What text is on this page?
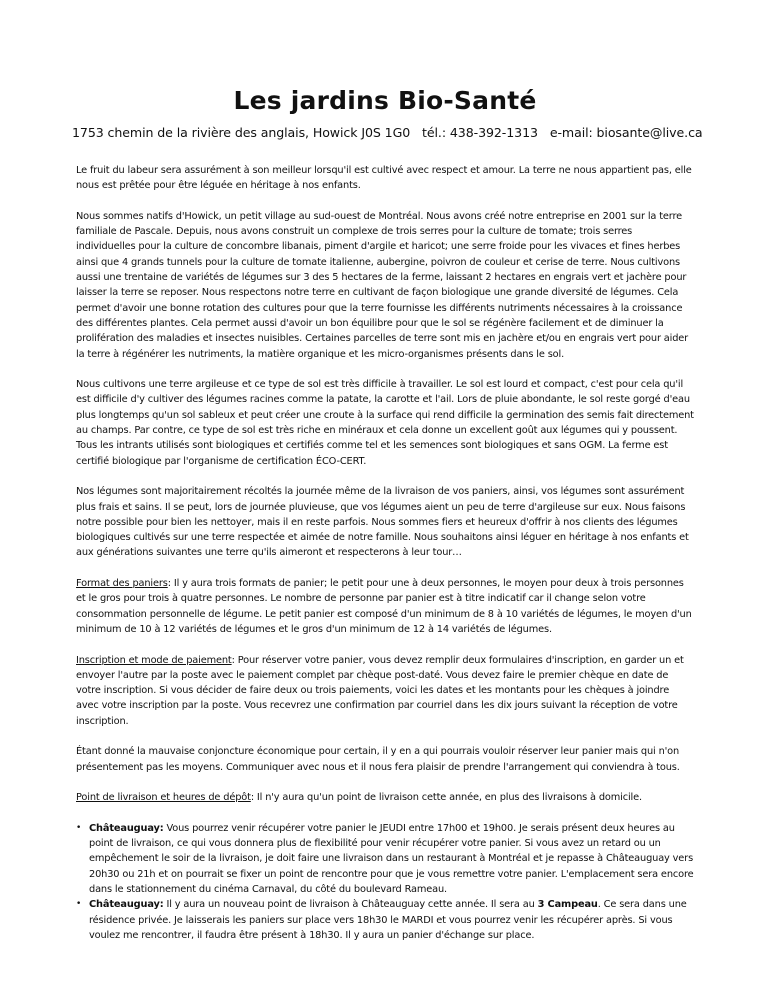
Les jardins Bio-Santé
1753 chemin de la rivière des anglais, Howick J0S 1G0 tél.: 438-392-1313 e-mail: biosante@live.ca

Le fruit du labeur sera assurément à son meilleur lorsqu'il est cultivé avec respect et amour. La terre ne nous appartient pas, elle nous est prêtée pour être léguée en héritage à nos enfants.

Nous sommes natifs d'Howick, un petit village au sud-ouest de Montréal. Nous avons créé notre entreprise en 2001 sur la terre familiale de Pascale. Depuis, nous avons construit un complexe de trois serres pour la culture de tomate; trois serres individuelles pour la culture de concombre libanais, piment d'argile et haricot; une serre froide pour les vivaces et fines herbes ainsi que 4 grands tunnels pour la culture de tomate italienne, aubergine, poivron de couleur et cerise de terre. Nous cultivons aussi une trentaine de variétés de légumes sur 3 des 5 hectares de la ferme, laissant 2 hectares en engrais vert et jachère pour laisser la terre se reposer. Nous respectons notre terre en cultivant de façon biologique une grande diversité de légumes. Cela permet d'avoir une bonne rotation des cultures pour que la terre fournisse les différents nutriments nécessaires à la croissance des différentes plantes. Cela permet aussi d'avoir un bon équilibre pour que le sol se régénère facilement et de diminuer la prolifération des maladies et insectes nuisibles. Certaines parcelles de terre sont mis en jachère et/ou en engrais vert pour aider la terre à régénérer les nutriments, la matière organique et les micro-organismes présents dans le sol.

Nous cultivons une terre argileuse et ce type de sol est très difficile à travailler. Le sol est lourd et compact, c'est pour cela qu'il est difficile d'y cultiver des légumes racines comme la patate, la carotte et l'ail. Lors de pluie abondante, le sol reste gorgé d'eau plus longtemps qu'un sol sableux et peut créer une croute à la surface qui rend difficile la germination des semis fait directement au champs. Par contre, ce type de sol est très riche en minéraux et cela donne un excellent goût aux légumes qui y poussent. Tous les intrants utilisés sont biologiques et certifiés comme tel et les semences sont biologiques et sans OGM. La ferme est certifié biologique par l'organisme de certification ÉCO-CERT.

Nos légumes sont majoritairement récoltés la journée même de la livraison de vos paniers, ainsi, vos légumes sont assurément plus frais et sains. Il se peut, lors de journée pluvieuse, que vos légumes aient un peu de terre d'argileuse sur eux. Nous faisons notre possible pour bien les nettoyer, mais il en reste parfois. Nous sommes fiers et heureux d'offrir à nos clients des légumes biologiques cultivés sur une terre respectée et aimée de notre famille. Nous souhaitons ainsi léguer en héritage à nos enfants et aux générations suivantes une terre qu'ils aimeront et respecterons à leur tour…

Format des paniers: Il y aura trois formats de panier; le petit pour une à deux personnes, le moyen pour deux à trois personnes et le gros pour trois à quatre personnes. Le nombre de personne par panier est à titre indicatif car il change selon votre consommation personnelle de légume. Le petit panier est composé d'un minimum de 8 à 10 variétés de légumes, le moyen d'un minimum de 10 à 12 variétés de légumes et le gros d'un minimum de 12 à 14 variétés de légumes.

Inscription et mode de paiement: Pour réserver votre panier, vous devez remplir deux formulaires d'inscription, en garder un et envoyer l'autre par la poste avec le paiement complet par chèque post-daté. Vous devez faire le premier chèque en date de votre inscription. Si vous décider de faire deux ou trois paiements, voici les dates et les montants pour les chèques à joindre avec votre inscription par la poste. Vous recevrez une confirmation par courriel dans les dix jours suivant la réception de votre inscription.

Étant donné la mauvaise conjoncture économique pour certain, il y en a qui pourrais vouloir réserver leur panier mais qui n'on présentement pas les moyens. Communiquer avec nous et il nous fera plaisir de prendre l'arrangement qui conviendra à tous.

Point de livraison et heures de dépôt: Il n'y aura qu'un point de livraison cette année, en plus des livraisons à domicile.

• Châteauguay: Vous pourrez venir récupérer votre panier le JEUDI entre 17h00 et 19h00. Je serais présent deux heures au point de livraison, ce qui vous donnera plus de flexibilité pour venir récupérer votre panier. Si vous avez un retard ou un empêchement le soir de la livraison, je doit faire une livraison dans un restaurant à Montréal et je repasse à Châteauguay vers 20h30 ou 21h et on pourrait se fixer un point de rencontre pour que je vous remettre votre panier. L'emplacement sera encore dans le stationnement du cinéma Carnaval, du côté du boulevard Rameau.
• Châteauguay: Il y aura un nouveau point de livraison à Châteauguay cette année. Il sera au 3 Campeau. Ce sera dans une résidence privée. Je laisserais les paniers sur place vers 18h30 le MARDI et vous pourrez venir les récupérer après. Si vous voulez me rencontrer, il faudra être présent à 18h30. Il y aura un panier d'échange sur place.
